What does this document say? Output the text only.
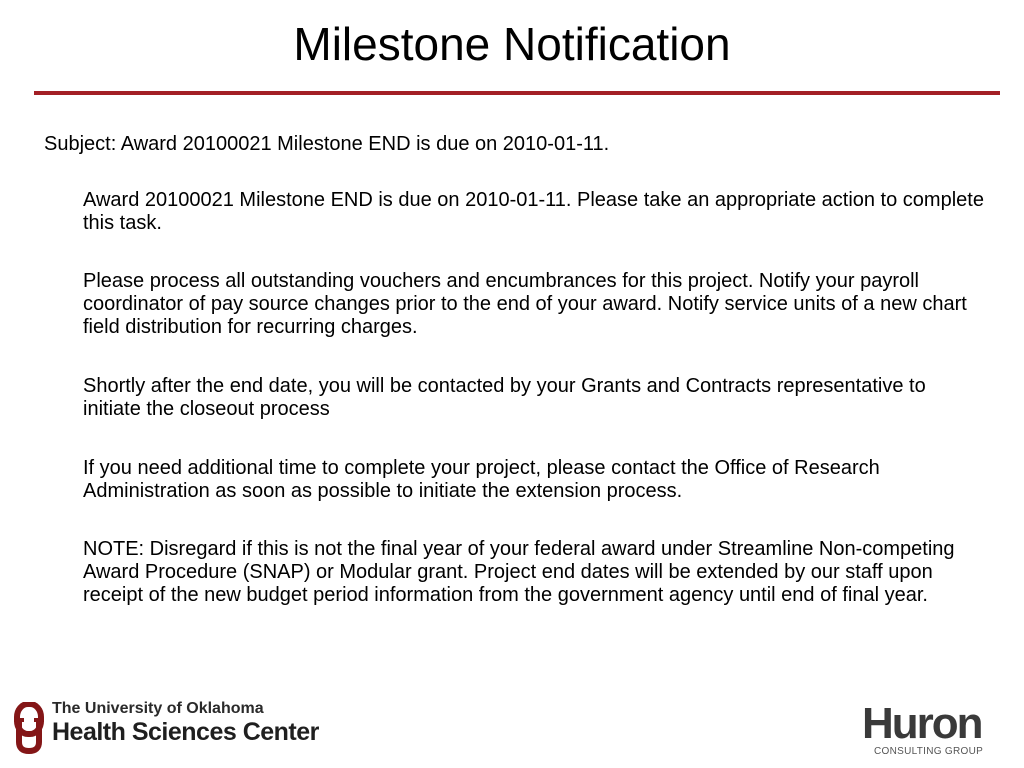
Milestone Notification
Subject: Award 20100021 Milestone END is due on 2010-01-11.
Award 20100021 Milestone END is due on 2010-01-11. Please take an appropriate action to complete this task.
Please process all outstanding vouchers and encumbrances for this project. Notify your payroll coordinator of pay source changes prior to the end of your award. Notify service units of a new chart field distribution for recurring charges.
Shortly after the end date, you will be contacted by your Grants and Contracts representative to initiate the closeout process
If you need additional time to complete your project, please contact the Office of Research Administration as soon as possible to initiate the extension process.
NOTE: Disregard if this is not the final year of your federal award under Streamline Non-competing Award Procedure (SNAP) or Modular grant. Project end dates will be extended by our staff upon receipt of the new budget period information from the government agency until end of final year.
The University of Oklahoma
Health Sciences Center	Huron
CONSULTING GROUP
